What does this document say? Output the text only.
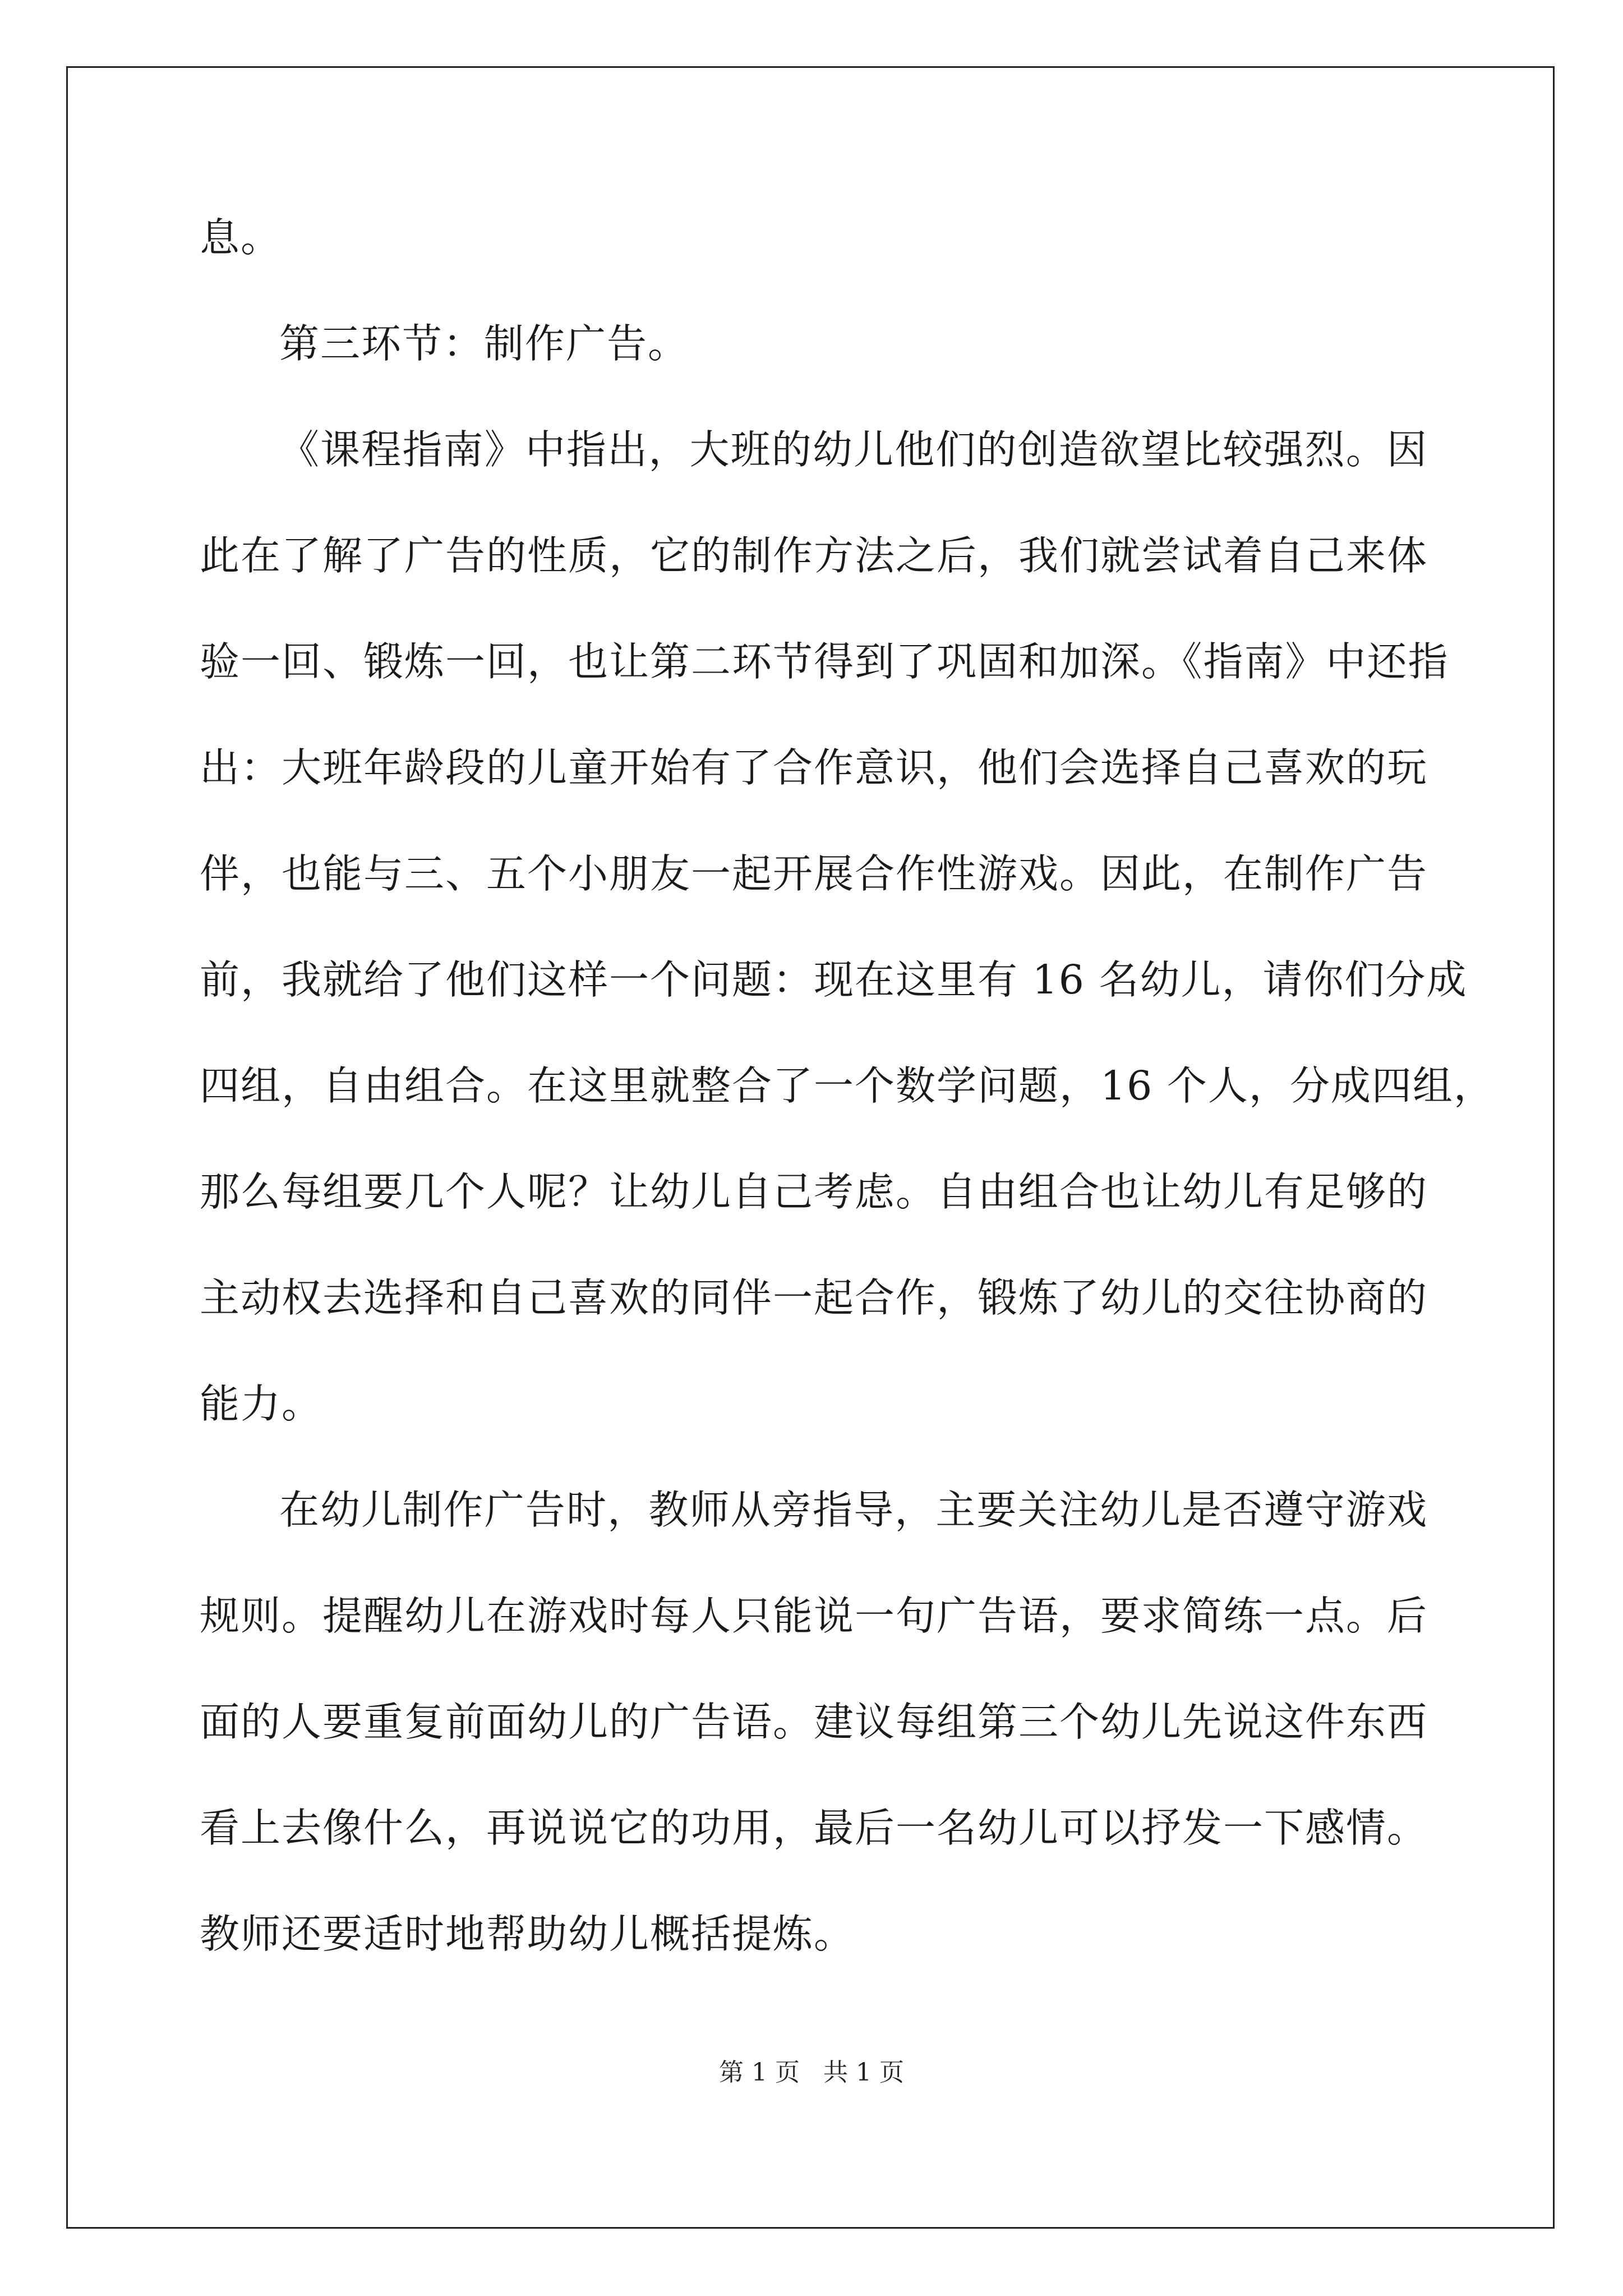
息。
第三环节：制作广告。
《课程指南》中指出，大班的幼儿他们的创造欲望比较强烈。因
此在了解了广告的性质，它的制作方法之后，我们就尝试着自己来体
验一回、锻炼一回，也让第二环节得到了巩固和加深。《指南》中还指
出：大班年龄段的儿童开始有了合作意识，他们会选择自己喜欢的玩
伴，也能与三、五个小朋友一起开展合作性游戏。因此，在制作广告
前，我就给了他们这样一个问题：现在这里有 16 名幼儿，请你们分成
四组，自由组合。在这里就整合了一个数学问题，16 个人，分成四组，
那么每组要几个人呢？让幼儿自己考虑。自由组合也让幼儿有足够的
主动权去选择和自己喜欢的同伴一起合作，锻炼了幼儿的交往协商的
能力。
在幼儿制作广告时，教师从旁指导，主要关注幼儿是否遵守游戏
规则。提醒幼儿在游戏时每人只能说一句广告语，要求简练一点。后
面的人要重复前面幼儿的广告语。建议每组第三个幼儿先说这件东西
看上去像什么，再说说它的功用，最后一名幼儿可以抒发一下感情。
教师还要适时地帮助幼儿概括提炼。
第 1 页   共 1 页
